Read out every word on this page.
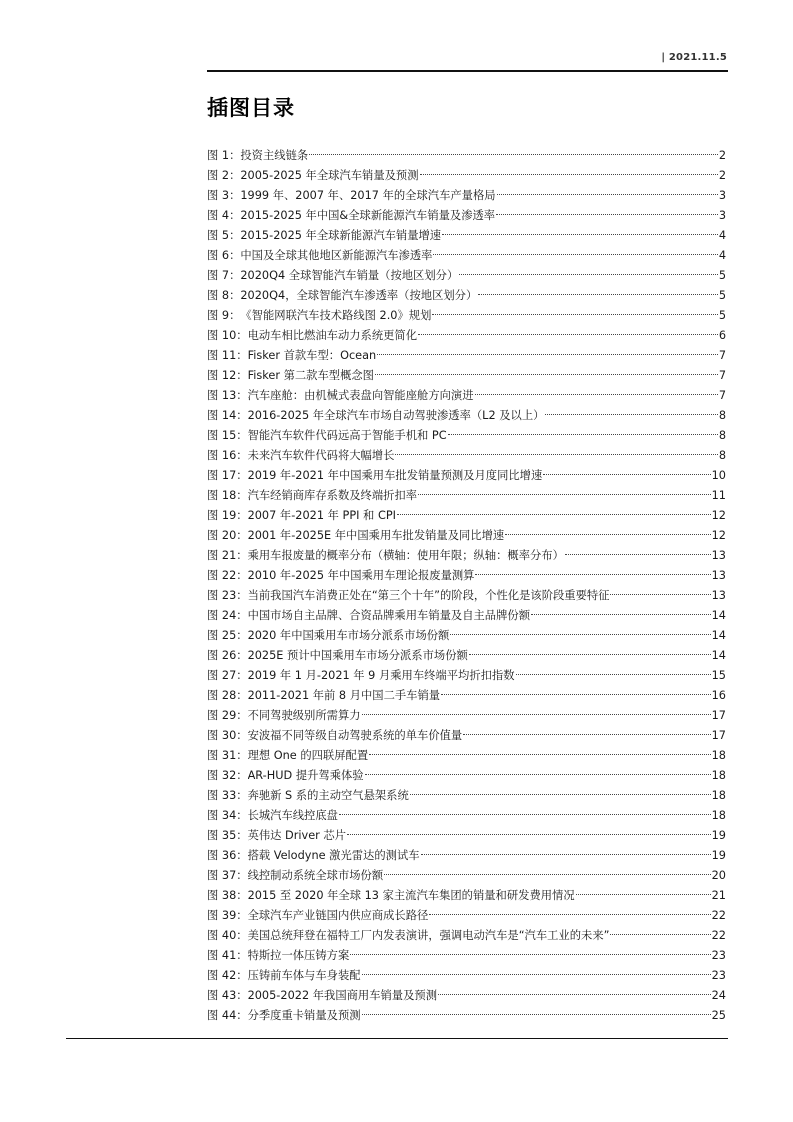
| 2021.11.5
插图目录
图 1： 投资主线链条	2
图 2： 2005-2025 年全球汽车销量及预测	2
图 3： 1999 年、2007 年、2017 年的全球汽车产量格局	3
图 4： 2015-2025 年中国&全球新能源汽车销量及渗透率	3
图 5： 2015-2025 年全球新能源汽车销量增速	4
图 6： 中国及全球其他地区新能源汽车渗透率	4
图 7： 2020Q4 全球智能汽车销量（按地区划分）	5
图 8： 2020Q4，全球智能汽车渗透率（按地区划分）	5
图 9： 《智能网联汽车技术路线图 2.0》规划	5
图 10： 电动车相比燃油车动力系统更简化	6
图 11： Fisker 首款车型：Ocean	7
图 12： Fisker 第二款车型概念图	7
图 13： 汽车座舱：由机械式表盘向智能座舱方向演进	7
图 14： 2016-2025 年全球汽车市场自动驾驶渗透率（L2 及以上）	8
图 15： 智能汽车软件代码远高于智能手机和 PC	8
图 16： 未来汽车软件代码将大幅增长	8
图 17： 2019 年-2021 年中国乘用车批发销量预测及月度同比增速	10
图 18： 汽车经销商库存系数及终端折扣率	11
图 19： 2007 年-2021 年 PPI 和 CPI	12
图 20： 2001 年-2025E 年中国乘用车批发销量及同比增速	12
图 21： 乘用车报废量的概率分布（横轴：使用年限；纵轴：概率分布）	13
图 22： 2010 年-2025 年中国乘用车理论报废量测算	13
图 23： 当前我国汽车消费正处在“第三个十年”的阶段，个性化是该阶段重要特征	13
图 24： 中国市场自主品牌、合资品牌乘用车销量及自主品牌份额	14
图 25： 2020 年中国乘用车市场分派系市场份额	14
图 26： 2025E 预计中国乘用车市场分派系市场份额	14
图 27： 2019 年 1 月-2021 年 9 月乘用车终端平均折扣指数	15
图 28： 2011-2021 年前 8 月中国二手车销量	16
图 29： 不同驾驶级别所需算力	17
图 30： 安波福不同等级自动驾驶系统的单车价值量	17
图 31： 理想 One 的四联屏配置	18
图 32： AR-HUD 提升驾乘体验	18
图 33： 奔驰新 S 系的主动空气悬架系统	18
图 34： 长城汽车线控底盘	18
图 35： 英伟达 Driver 芯片	19
图 36： 搭载 Velodyne 激光雷达的测试车	19
图 37： 线控制动系统全球市场份额	20
图 38： 2015 至 2020 年全球 13 家主流汽车集团的销量和研发费用情况	21
图 39： 全球汽车产业链国内供应商成长路径	22
图 40： 美国总统拜登在福特工厂内发表演讲，强调电动汽车是“汽车工业的未来”	22
图 41： 特斯拉一体压铸方案	23
图 42： 压铸前车体与车身装配	23
图 43： 2005-2022 年我国商用车销量及预测	24
图 44： 分季度重卡销量及预测	25
